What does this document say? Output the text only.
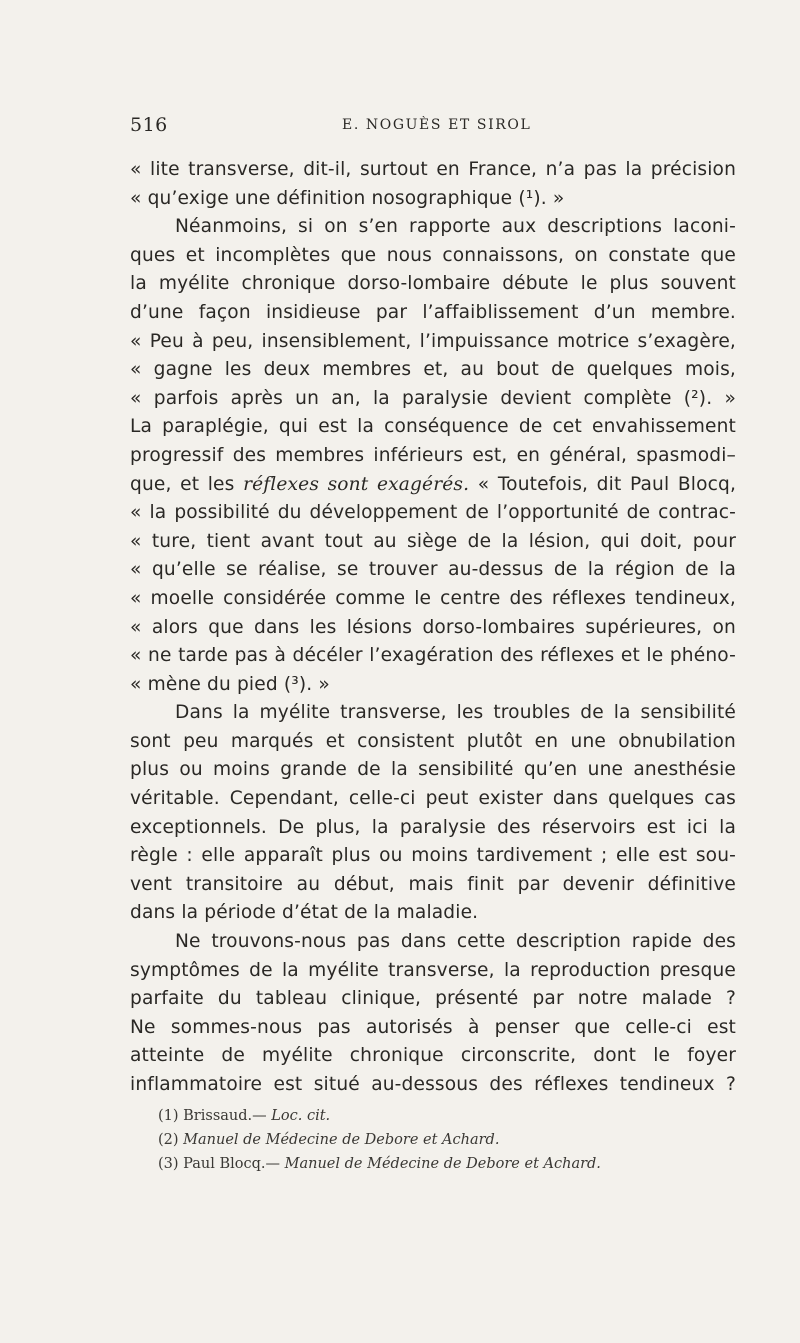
516	E. NOGUÈS ET SIROL
« lite transverse, dit-il, surtout en France, n’a pas la précision
« qu’exige une définition nosographique (¹). »
Néanmoins, si on s’en rapporte aux descriptions laconi-
ques et incomplètes que nous connaissons, on constate que
la myélite chronique dorso-lombaire débute le plus souvent
d’une façon insidieuse par l’affaiblissement d’un membre.
« Peu à peu, insensiblement, l’impuissance motrice s’exagère,
« gagne les deux membres et, au bout de quelques mois,
« parfois après un an, la paralysie devient complète (²). »
La paraplégie, qui est la conséquence de cet envahissement
progressif des membres inférieurs est, en général, spasmodi–
que, et les réflexes sont exagérés. « Toutefois, dit Paul Blocq,
« la possibilité du développement de l’opportunité de contrac-
« ture, tient avant tout au siège de la lésion, qui doit, pour
« qu’elle se réalise, se trouver au-dessus de la région de la
« moelle considérée comme le centre des réflexes tendineux,
« alors que dans les lésions dorso-lombaires supérieures, on
« ne tarde pas à décéler l’exagération des réflexes et le phéno-
« mène du pied (³). »
Dans la myélite transverse, les troubles de la sensibilité
sont peu marqués et consistent plutôt en une obnubilation
plus ou moins grande de la sensibilité qu’en une anesthésie
véritable. Cependant, celle-ci peut exister dans quelques cas
exceptionnels. De plus, la paralysie des réservoirs est ici la
règle : elle apparaît plus ou moins tardivement ; elle est sou-
vent transitoire au début, mais finit par devenir définitive
dans la période d’état de la maladie.
Ne trouvons-nous pas dans cette description rapide des
symptômes de la myélite transverse, la reproduction presque
parfaite du tableau clinique, présenté par notre malade ?
Ne sommes-nous pas autorisés à penser que celle-ci est
atteinte de myélite chronique circonscrite, dont le foyer
inflammatoire est situé au-dessous des réflexes tendineux ?
(1) Brissaud.— Loc. cit.
(2) Manuel de Médecine de Debore et Achard.
(3) Paul Blocq.— Manuel de Médecine de Debore et Achard.
